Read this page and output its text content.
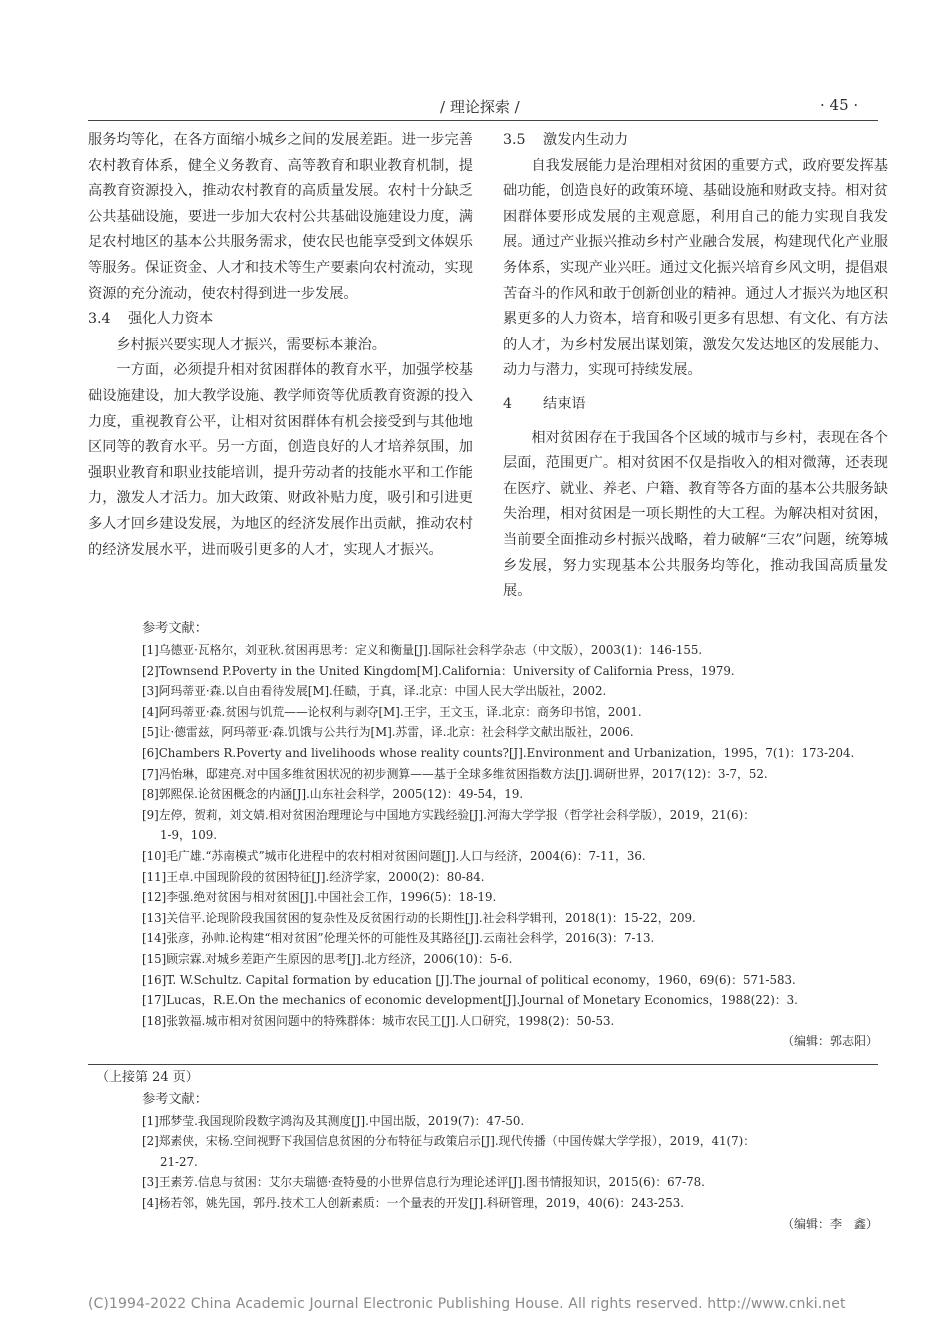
/ 理论探索 /	· 45 ·

服务均等化，在各方面缩小城乡之间的发展差距。进一步完善农村教育体系，健全义务教育、高等教育和职业教育机制，提高教育资源投入，推动农村教育的高质量发展。农村十分缺乏公共基础设施，要进一步加大农村公共基础设施建设力度，满足农村地区的基本公共服务需求，使农民也能享受到文体娱乐等服务。保证资金、人才和技术等生产要素向农村流动，实现资源的充分流动，使农村得到进一步发展。

3.4 强化人力资本

乡村振兴要实现人才振兴，需要标本兼治。

一方面，必须提升相对贫困群体的教育水平，加强学校基础设施建设，加大教学设施、教学师资等优质教育资源的投入力度，重视教育公平，让相对贫困群体有机会接受到与其他地区同等的教育水平。另一方面，创造良好的人才培养氛围，加强职业教育和职业技能培训，提升劳动者的技能水平和工作能力，激发人才活力。加大政策、财政补贴力度，吸引和引进更多人才回乡建设发展，为地区的经济发展作出贡献，推动农村的经济发展水平，进而吸引更多的人才，实现人才振兴。

3.5 激发内生动力

自我发展能力是治理相对贫困的重要方式，政府要发挥基础功能，创造良好的政策环境、基础设施和财政支持。相对贫困群体要形成发展的主观意愿，利用自己的能力实现自我发展。通过产业振兴推动乡村产业融合发展，构建现代化产业服务体系，实现产业兴旺。通过文化振兴培育乡风文明，提倡艰苦奋斗的作风和敢于创新创业的精神。通过人才振兴为地区积累更多的人力资本，培育和吸引更多有思想、有文化、有方法的人才，为乡村发展出谋划策，激发欠发达地区的发展能力、动力与潜力，实现可持续发展。

4 结束语

相对贫困存在于我国各个区域的城市与乡村，表现在各个层面，范围更广。相对贫困不仅是指收入的相对微薄，还表现在医疗、就业、养老、户籍、教育等各方面的基本公共服务缺失治理，相对贫困是一项长期性的大工程。为解决相对贫困，当前要全面推动乡村振兴战略，着力破解“三农”问题，统筹城乡发展，努力实现基本公共服务均等化，推动我国高质量发展。

参考文献：
[1]乌德亚·瓦格尔，刘亚秋.贫困再思考：定义和衡量[J].国际社会科学杂志（中文版），2003(1)：146-155.
[2]Townsend P.Poverty in the United Kingdom[M].California：University of California Press，1979.
[3]阿玛蒂亚·森.以自由看待发展[M].任赜，于真，译.北京：中国人民大学出版社，2002.
[4]阿玛蒂亚·森.贫困与饥荒——论权利与剥夺[M].王宇，王文玉，译.北京：商务印书馆，2001.
[5]让·德雷兹，阿玛蒂亚·森.饥饿与公共行为[M].苏雷，译.北京：社会科学文献出版社，2006.
[6]Chambers R.Poverty and livelihoods whose reality counts?[J].Environment and Urbanization，1995，7(1)：173-204.
[7]冯怡琳，邸建亮.对中国多维贫困状况的初步测算——基于全球多维贫困指数方法[J].调研世界，2017(12)：3-7，52.
[8]郭熙保.论贫困概念的内涵[J].山东社会科学，2005(12)：49-54，19.
[9]左停，贺莉，刘文婧.相对贫困治理理论与中国地方实践经验[J].河海大学学报（哲学社会科学版），2019，21(6)：
1-9，109.
[10]毛广雄.“苏南模式”城市化进程中的农村相对贫困问题[J].人口与经济，2004(6)：7-11，36.
[11]王卓.中国现阶段的贫困特征[J].经济学家，2000(2)：80-84.
[12]李强.绝对贫困与相对贫困[J].中国社会工作，1996(5)：18-19.
[13]关信平.论现阶段我国贫困的复杂性及反贫困行动的长期性[J].社会科学辑刊，2018(1)：15-22，209.
[14]张彦，孙帅.论构建“相对贫困”伦理关怀的可能性及其路径[J].云南社会科学，2016(3)：7-13.
[15]顾宗霖.对城乡差距产生原因的思考[J].北方经济，2006(10)：5-6.
[16]T. W.Schultz. Capital formation by education [J].The journal of political economy，1960，69(6)：571-583.
[17]Lucas，R.E.On the mechanics of economic development[J].Journal of Monetary Economics，1988(22)：3.
[18]张敦福.城市相对贫困问题中的特殊群体：城市农民工[J].人口研究，1998(2)：50-53.
（编辑：郭志阳）
（上接第 24 页）
参考文献：
[1]邢梦莹.我国现阶段数字鸿沟及其测度[J].中国出版，2019(7)：47-50.
[2]郑素侠，宋杨.空间视野下我国信息贫困的分布特征与政策启示[J].现代传播（中国传媒大学学报），2019，41(7)：
21-27.
[3]王素芳.信息与贫困：艾尔夫瑞德·查特曼的小世界信息行为理论述评[J].图书情报知识，2015(6)：67-78.
[4]杨若邻，姚先国，郭丹.技术工人创新素质：一个量表的开发[J].科研管理，2019，40(6)：243-253.
（编辑：李　鑫）
(C)1994-2022 China Academic Journal Electronic Publishing House. All rights reserved. http://www.cnki.net
